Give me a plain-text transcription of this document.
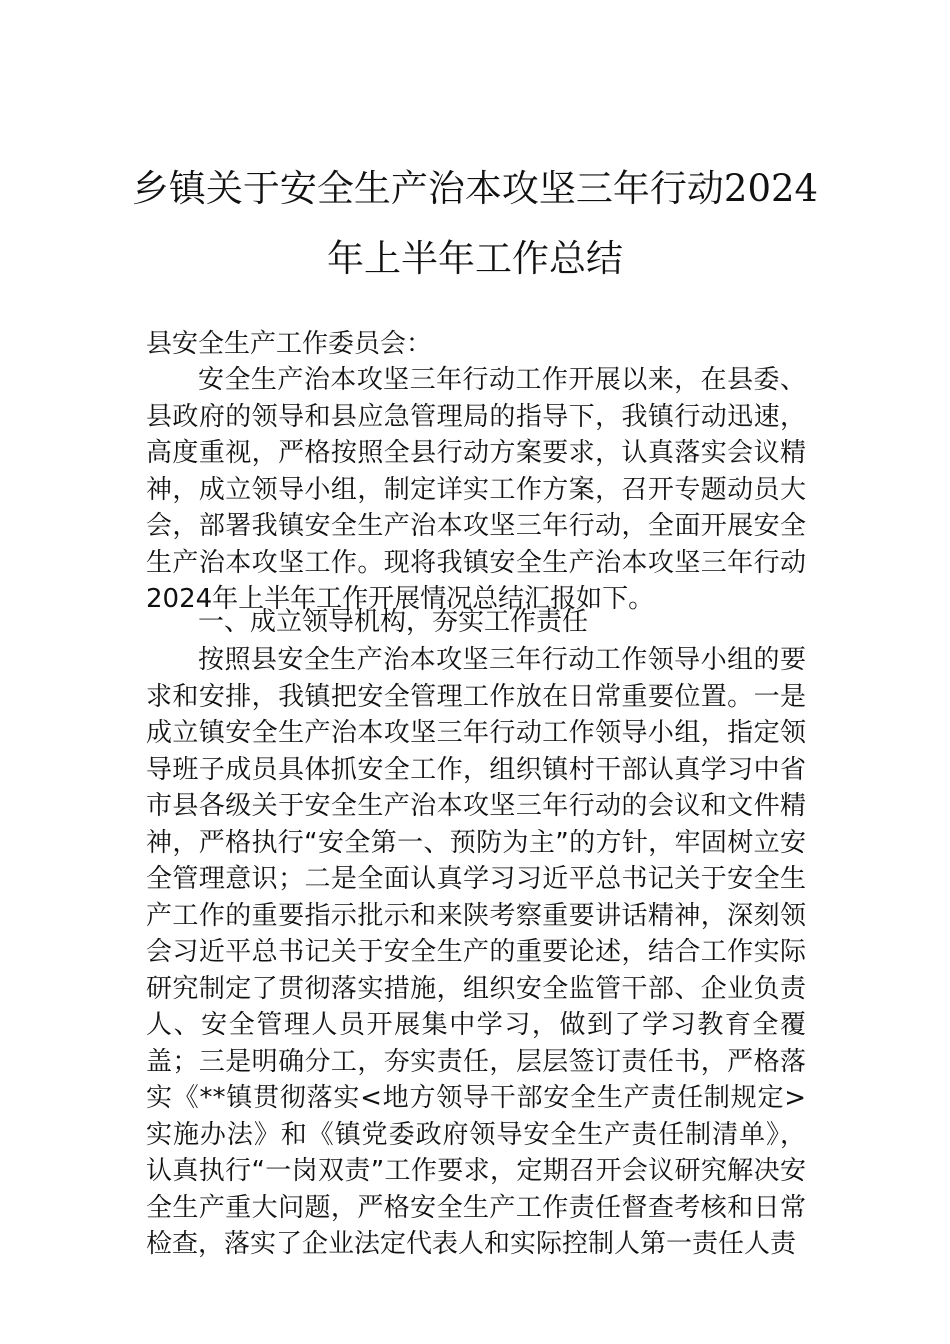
乡镇关于安全生产治本攻坚三年行动2024
年上半年工作总结
县安全生产工作委员会：
安全生产治本攻坚三年行动工作开展以来，在县委、县政府的领导和县应急管理局的指导下，我镇行动迅速，高度重视，严格按照全县行动方案要求，认真落实会议精神，成立领导小组，制定详实工作方案，召开专题动员大会，部署我镇安全生产治本攻坚三年行动，全面开展安全生产治本攻坚工作。现将我镇安全生产治本攻坚三年行动2024年上半年工作开展情况总结汇报如下。
一、成立领导机构，夯实工作责任
按照县安全生产治本攻坚三年行动工作领导小组的要求和安排，我镇把安全管理工作放在日常重要位置。一是成立镇安全生产治本攻坚三年行动工作领导小组，指定领导班子成员具体抓安全工作，组织镇村干部认真学习中省市县各级关于安全生产治本攻坚三年行动的会议和文件精神，严格执行“安全第一、预防为主”的方针，牢固树立安全管理意识；二是全面认真学习习近平总书记关于安全生产工作的重要指示批示和来陕考察重要讲话精神，深刻领会习近平总书记关于安全生产的重要论述，结合工作实际研究制定了贯彻落实措施，组织安全监管干部、企业负责人、安全管理人员开展集中学习，做到了学习教育全覆盖；三是明确分工，夯实责任，层层签订责任书，严格落实《**镇贯彻落实<地方领导干部安全生产责任制规定>实施办法》和《镇党委政府领导安全生产责任制清单》，认真执行“一岗双责”工作要求，定期召开会议研究解决安全生产重大问题，严格安全生产工作责任督查考核和日常检查，落实了企业法定代表人和实际控制人第一责任人责
